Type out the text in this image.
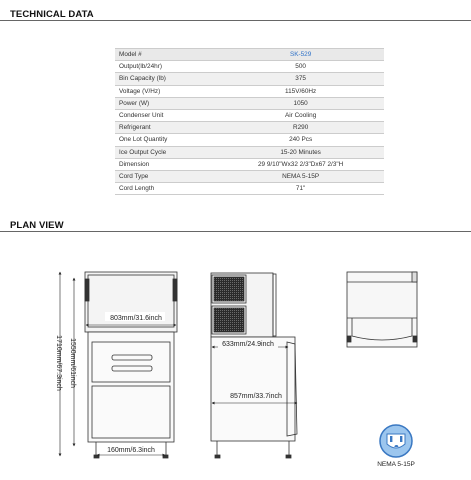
TECHNICAL DATA
Model #	SK-529
Output(lb/24hr)	500
Bin Capacity (lb)	375
Voltage (V/Hz)	115V/60Hz
Power (W)	1050
Condenser Unit	Air Cooling
Refrigerant	R290
One Lot Quantity	240 Pcs
Ice Output Cycle	15-20 Minutes
Dimension	29 9/10"Wx32 2/3"Dx67 2/3"H
Cord Type	NEMA 5-15P
Cord Length	71"
PLAN VIEW
803mm/31.6inch
1710mm/67.3inch 1550mm/61inch
160mm/6.3inch
633mm/24.9inch
857mm/33.7inch
NEMA 5-15P
